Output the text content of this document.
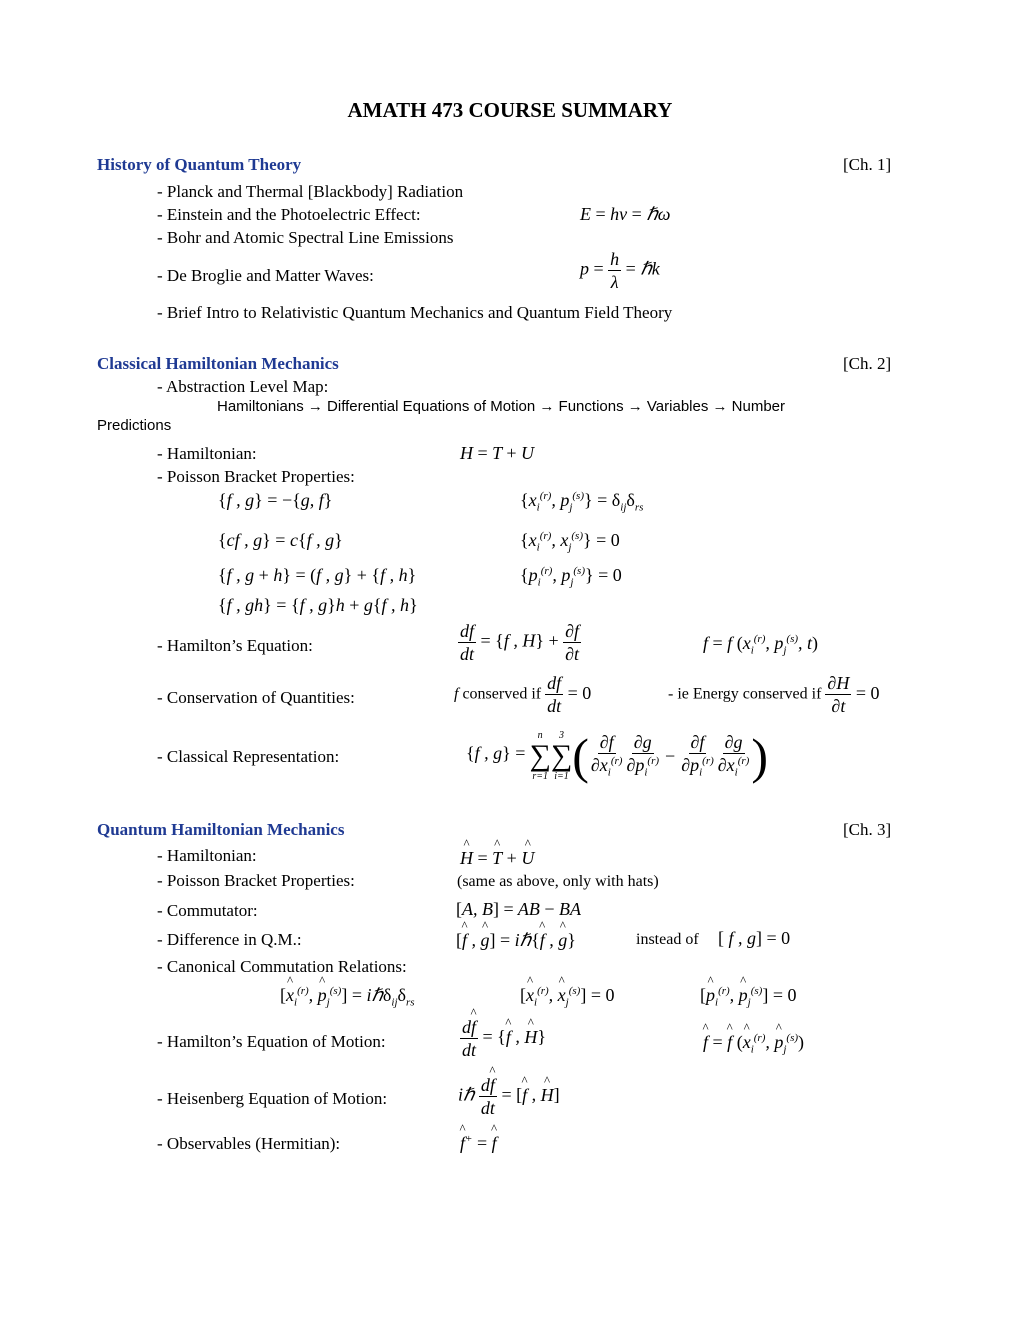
AMATH 473 COURSE SUMMARY
History of Quantum Theory	[Ch. 1]
- Planck and Thermal [Blackbody] Radiation
- Einstein and the Photoelectric Effect:	E = hν = ℏω
- Bohr and Atomic Spectral Line Emissions
- De Broglie and Matter Waves:	$p = \frac{h}{\lambda}$ = ℏk
- Brief Intro to Relativistic Quantum Mechanics and Quantum Field Theory
Classical Hamiltonian Mechanics	[Ch. 2]
- Abstraction Level Map:
Hamiltonians → Differential Equations of Motion → Functions → Variables → Number
Predictions
- Hamiltonian:	H = T + U
- Poisson Bracket Properties:
{f , g} = −{g, f}	{$x_i^{(r)}$, $p_j^{(s)}\} = \delta_{ij}\delta_{rs}$
{cf , g} = c{f , g}	{$x_i^{(r)}$, $x_j^{(s)}\} = 0$
{f , g + h} = (f , g} + {f , h}	{$p_i^{(r)}$, $p_j^{(s)}\} = 0$
{f , gh} = {f , g}h + g{f , h}
- Hamilton’s Equation:	$\frac{df}{dt} = \{f$ , $H\} + \frac{\partial f}{\partial t}$	f = f ($x_i^{(r)}$, $p_j^{(s)}$, t)
- Conservation of Quantities:	f conserved if $\frac{df}{dt} = 0$	- ie Energy conserved if $\frac{\partial H}{\partial t} = 0$
- Classical Representation:	{f , g} =
n
∑
r=1
3
∑
i=1 ( $\frac{\partial f}{\partial x_i^{(r)}} \frac{\partial g}{\partial p_i^{(r)}} - \frac{\partial f}{\partial p_i^{(r)}} \frac{\partial g}{\partial x_i^{(r)}}$ )
Quantum Hamiltonian Mechanics	[Ch. 3]
- Hamiltonian:	^ H = ^ T + ^ U
- Poisson Bracket Properties:	(same as above, only with hats)
- Commutator:	[A, B] = AB − BA
- Difference in Q.M.:	[^ f , ^ g] = iℏ{^ f , ^ g}	instead of [ f , g] = 0
- Canonical Commutation Relations:
[^ $x_i^{(r)}$, ^ $p_j^{(s)}$] = $i\hbar\delta_{ij}\delta_{rs}$	[^ $x_i^{(r)}$, ^ $x_j^{(s)}] = 0$	[^ $p_i^{(r)}$, ^ $p_j^{(s)}] = 0$
- Hamilton’s Equation of Motion:	$\frac{d\^{} f}{dt}$ = {^ f , ^ H}	^ f = ^ f (^ $x_i^{(r)}$, ^ $p_j^{(s)}$)
- Heisenberg Equation of Motion:	iℏ $\frac{d\^{} f}{dt}$ = [^ f , ^ H]
- Observables (Hermitian):	^ f+ = ^ f
